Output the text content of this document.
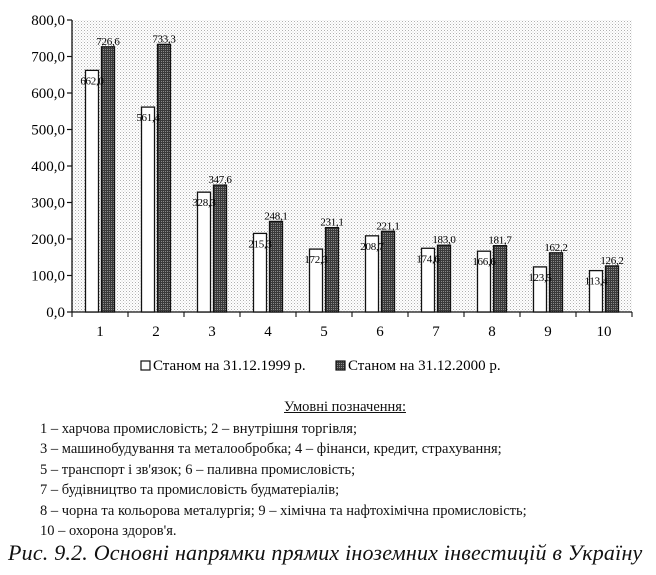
0,0
100,0
200,0
300,0
400,0
500,0
600,0
700,0
800,0
1	2	3	4	5	6	7	8	9	10
662,0
726,6
561,4
733,3
328,3
347,6
215,3
248,1
172,3
231,1
208,7
221,1
174,6
183,0
166,6
181,7
123,5
162,2
113,4
126,2
Станом на 31.12.1999 р.	Станом на 31.12.2000 р.
Умовні позначення:
1 – харчова промисловість; 2 – внутрішня торгівля;
3 – машинобудування та металообробка; 4 – фінанси, кредит, страхування;
5 – транспорт і зв'язок; 6 – паливна промисловість;
7 – будівництво та промисловість будматеріалів;
8 – чорна та кольорова металургія; 9 – хімічна та нафтохімічна промисловість;
10 – охорона здоров'я.
Рис. 9.2. Основні напрямки прямих іноземних інвестицій в Україну
